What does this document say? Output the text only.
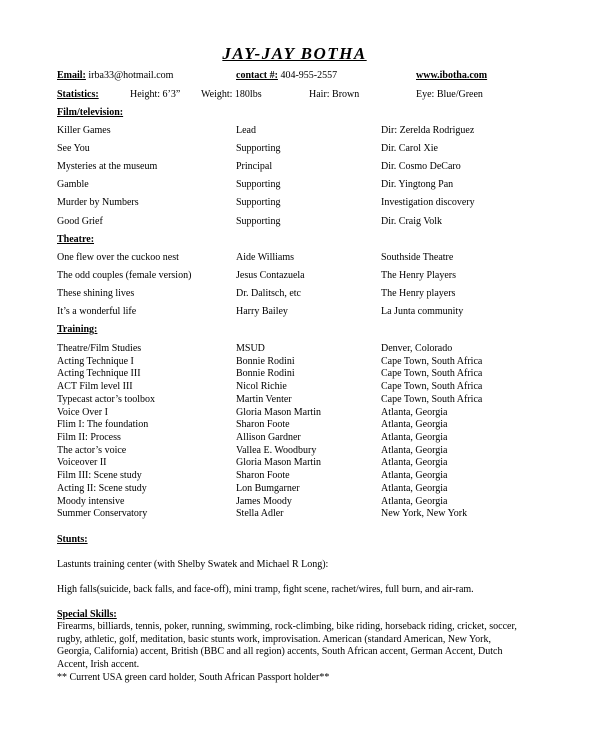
JAY-JAY BOTHA
Email: irba33@hotmail.com	contact #: 404-955-2557	www.ibotha.com
Statistics:	Height: 6’3” Weight: 180lbs	Hair: Brown	Eye: Blue/Green
Film/television:
Killer Games	Lead	Dir: Zerelda Rodriguez
See You	Supporting	Dir. Carol Xie
Mysteries at the museum	Principal	Dir. Cosmo DeCaro
Gamble	Supporting	Dir. Yingtong Pan
Murder by Numbers	Supporting	Investigation discovery
Good Grief	Supporting	Dir. Craig Volk
Theatre:
One flew over the cuckoo nest	Aide Williams	Southside Theatre
The odd couples (female version)	Jesus Contazuela	The Henry Players
These shining lives	Dr. Dalitsch, etc	The Henry players
It’s a wonderful life	Harry Bailey	La Junta community
Training:
Theatre/Film Studies	MSUD	Denver, Colorado
Acting Technique I	Bonnie Rodini	Cape Town, South Africa
Acting Technique III	Bonnie Rodini	Cape Town, South Africa
ACT Film level III	Nicol Richie	Cape Town, South Africa
Typecast actor’s toolbox	Martin Venter	Cape Town, South Africa
Voice Over I	Gloria Mason Martin	Atlanta, Georgia
Flim I: The foundation	Sharon Foote	Atlanta, Georgia
Film II: Process	Allison Gardner	Atlanta, Georgia
The actor’s voice	Vallea E. Woodbury	Atlanta, Georgia
Voiceover II	Gloria Mason Martin	Atlanta, Georgia
Film III: Scene study	Sharon Foote	Atlanta, Georgia
Acting II: Scene study	Lon Bumgarner	Atlanta, Georgia
Moody intensive	James Moody	Atlanta, Georgia
Summer Conservatory	Stella Adler	New York, New York
Stunts:
Lastunts training center (with Shelby Swatek and Michael R Long):
High falls(suicide, back falls, and face-off), mini tramp, fight scene, rachet/wires, full burn, and air-ram.
Special Skills:
Firearms, billiards, tennis, poker, running, swimming, rock-climbing, bike riding, horseback riding, cricket, soccer, rugby, athletic, golf, meditation, basic stunts work, improvisation. American (standard American, New York, Georgia, California) accent, British (BBC and all region) accents, South African accent, German Accent, Dutch Accent, Irish accent.
** Current USA green card holder, South African Passport holder**
